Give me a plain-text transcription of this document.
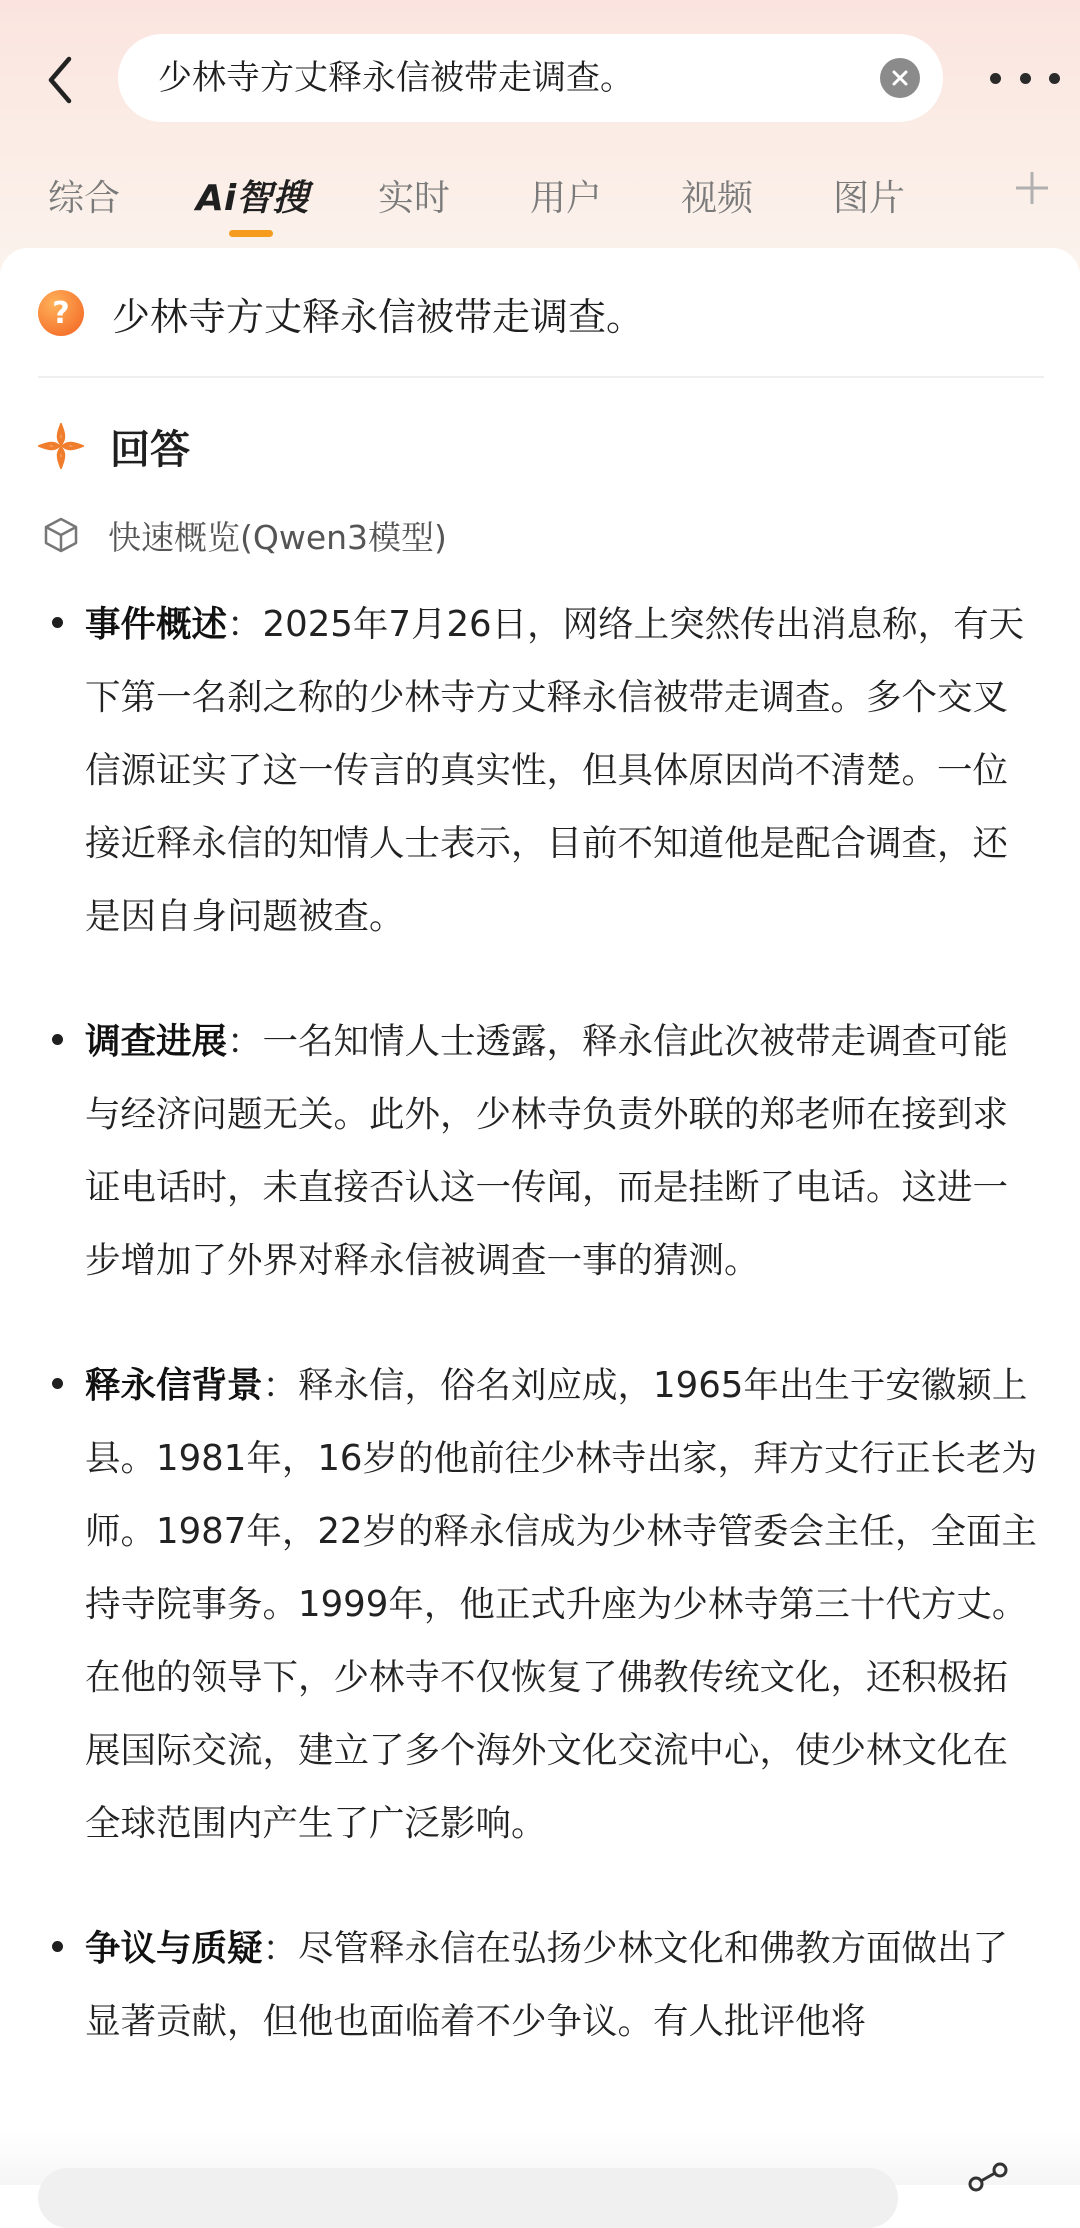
少林寺方丈释永信被带走调查。
综合 Ai智搜 实时 用户 视频 图片
?	少林寺方丈释永信被带走调查。
回答
快速概览(Qwen3模型)

事件概述：2025年7月26日，网络上突然传出消息称，有天下第一名刹之称的少林寺方丈释永信被带走调查。多个交叉信源证实了这一传言的真实性，但具体原因尚不清楚。一位接近释永信的知情人士表示，目前不知道他是配合调查，还是因自身问题被查。

调查进展：一名知情人士透露，释永信此次被带走调查可能与经济问题无关。此外，少林寺负责外联的郑老师在接到求证电话时，未直接否认这一传闻，而是挂断了电话。这进一步增加了外界对释永信被调查一事的猜测。

释永信背景：释永信，俗名刘应成，1965年出生于安徽颍上县。1981年，16岁的他前往少林寺出家，拜方丈行正长老为师。1987年，22岁的释永信成为少林寺管委会主任，全面主持寺院事务。1999年，他正式升座为少林寺第三十代方丈。在他的领导下，少林寺不仅恢复了佛教传统文化，还积极拓展国际交流，建立了多个海外文化交流中心，使少林文化在全球范围内产生了广泛影响。

争议与质疑：尽管释永信在弘扬少林文化和佛教方面做出了显著贡献，但他也面临着不少争议。有人批评他将
